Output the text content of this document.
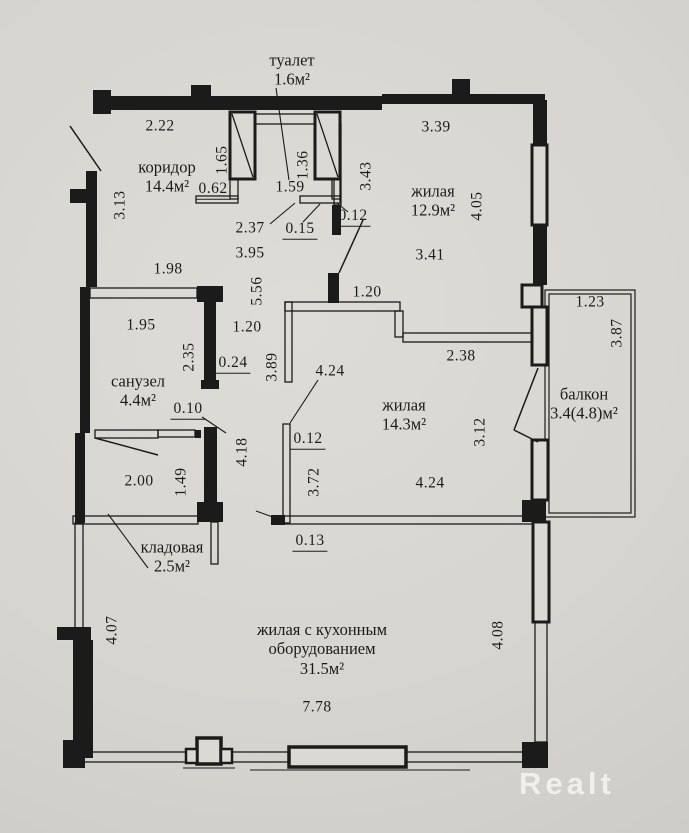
2.22
1.65	1.36
1.59
0.62
2.37 0.15
0.12
3.43
3.39
4.05
3.41
3.13
3.95
1.98
5.56
1.95
2.35
1.20
0.24 3.89
1.20
2.38
4.24
0.12
3.72	4.24
3.12
1.23
3.87
0.10
4.18
2.00 1.49
0.13
4.07	4.08
7.78
туалет
1.6м²
коридор
14.4м²	жилая
12.9м²
санузел
4.4м²	жилая
14.3м²
балкон
3.4(4.8)м²
кладовая
2.5м²
жилая с кухонным
оборудованием
31.5м²
Realt
